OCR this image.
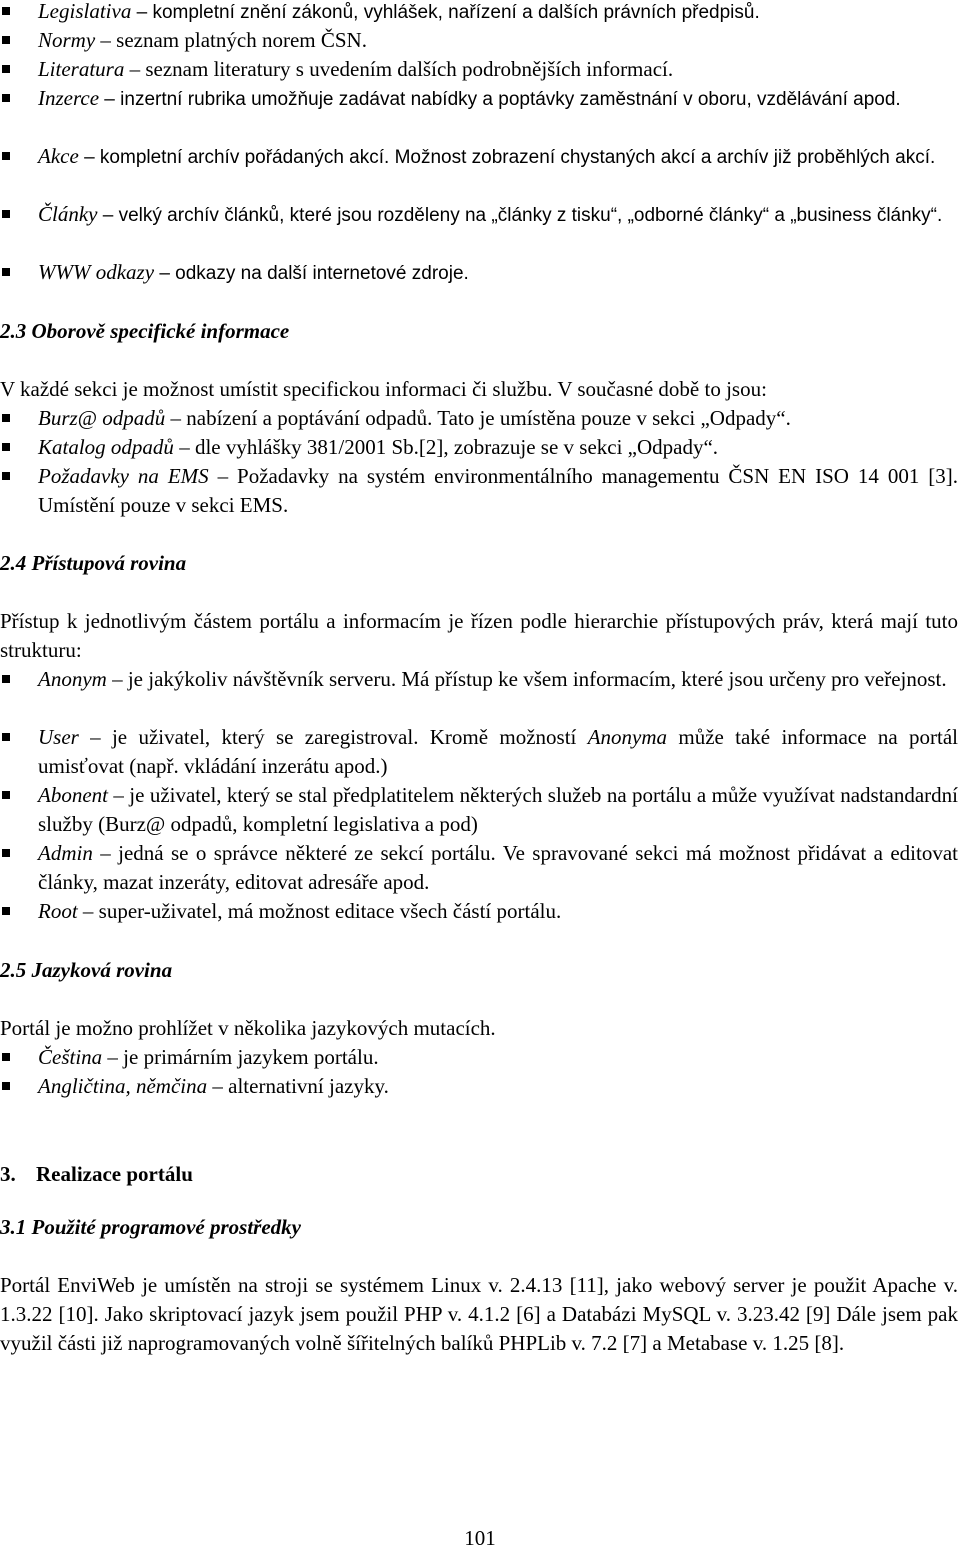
Legislativa – kompletní znění zákonů, vyhlášek, nařízení a dalších právních předpisů.
Normy – seznam platných norem ČSN.
Literatura – seznam literatury s uvedením dalších podrobnějších informací.
Inzerce – inzertní rubrika umožňuje zadávat nabídky a poptávky zaměstnání v oboru, vzdělávání apod.
Akce – kompletní archív pořádaných akcí. Možnost zobrazení chystaných akcí a archív již proběhlých akcí.
Články – velký archív článků, které jsou rozděleny na „články z tisku“, „odborné články“ a „business články“.
WWW odkazy – odkazy na další internetové zdroje.
2.3 Oborově specifické informace
V každé sekci je možnost umístit specifickou informaci či službu. V současné době to jsou:
Burz@ odpadů – nabízení a poptávání odpadů. Tato je umístěna pouze v sekci „Odpady“.
Katalog odpadů – dle vyhlášky 381/2001 Sb.[2], zobrazuje se v sekci „Odpady“.
Požadavky na EMS – Požadavky na systém environmentálního managementu ČSN EN ISO 14 001 [3]. Umístění pouze v sekci EMS.
2.4 Přístupová rovina
Přístup k jednotlivým částem portálu a informacím je řízen podle hierarchie přístupových práv, která mají tuto strukturu:
Anonym – je jakýkoliv návštěvník serveru. Má přístup ke všem informacím, které jsou určeny pro veřejnost.
User – je uživatel, který se zaregistroval. Kromě možností Anonyma může také informace na portál umisťovat (např. vkládání inzerátu apod.)
Abonent – je uživatel, který se stal předplatitelem některých služeb na portálu a může využívat nadstandardní služby (Burz@ odpadů, kompletní legislativa a pod)
Admin – jedná se o správce některé ze sekcí portálu. Ve spravované sekci má možnost přidávat a editovat články, mazat inzeráty, editovat adresáře apod.
Root – super-uživatel, má možnost editace všech částí portálu.
2.5 Jazyková rovina
Portál je možno prohlížet v několika jazykových mutacích.
Čeština – je primárním jazykem portálu.
Angličtina, němčina – alternativní jazyky.
3. Realizace portálu
3.1 Použité programové prostředky
Portál EnviWeb je umístěn na stroji se systémem Linux v. 2.4.13 [11], jako webový server je použit Apache v. 1.3.22 [10]. Jako skriptovací jazyk jsem použil PHP v. 4.1.2 [6] a Databázi MySQL v. 3.23.42 [9] Dále jsem pak využil části již naprogramovaných volně šířitelných balíků PHPLib v. 7.2 [7] a Metabase v. 1.25 [8].
101
